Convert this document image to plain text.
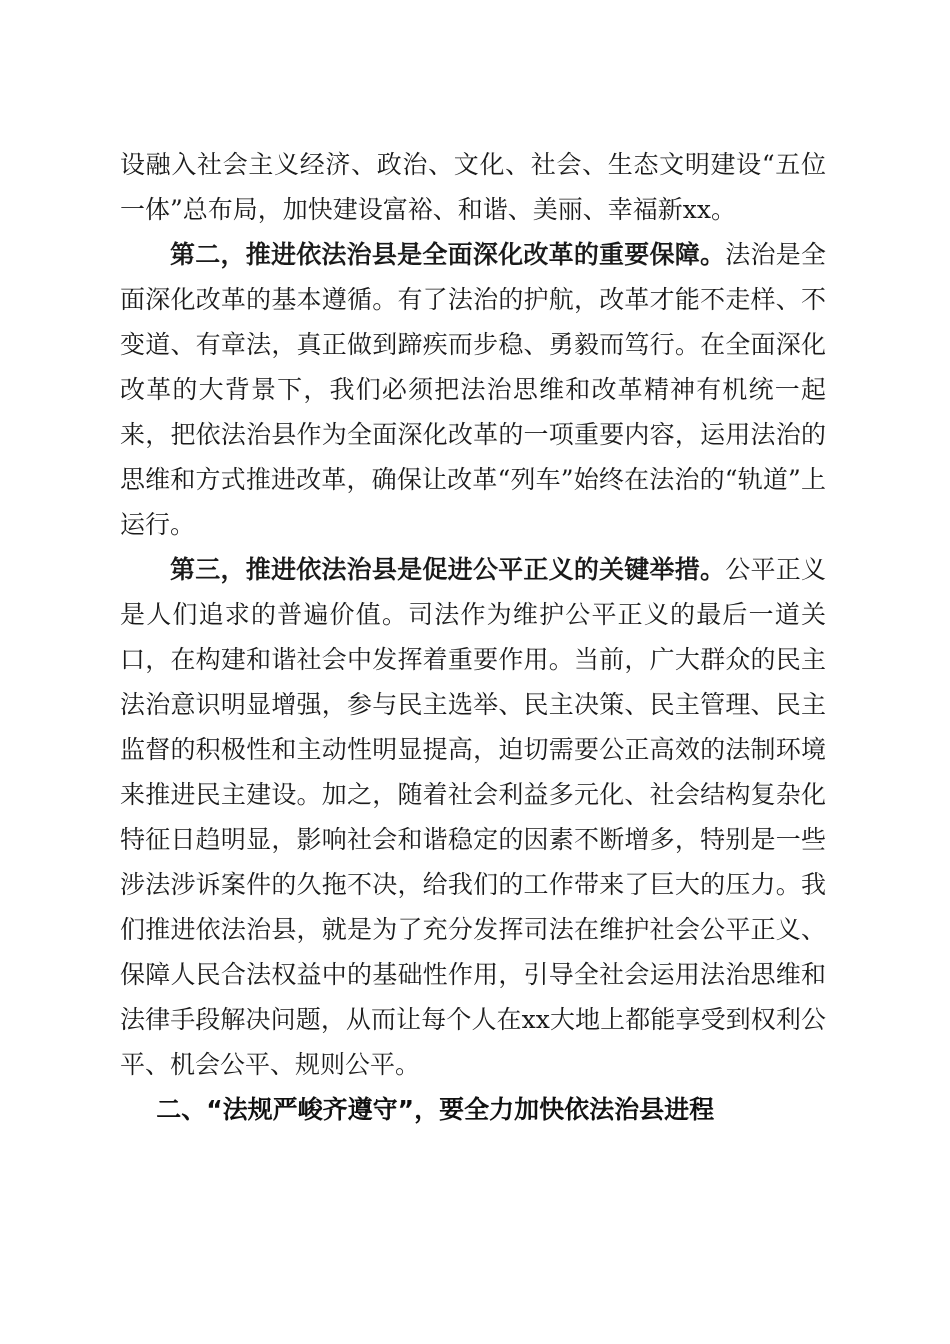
设融入社会主义经济、政治、文化、社会、生态文明建设“五位一体”总布局，加快建设富裕、和谐、美丽、幸福新xx。

第二，推进依法治县是全面深化改革的重要保障。法治是全面深化改革的基本遵循。有了法治的护航，改革才能不走样、不变道、有章法，真正做到蹄疾而步稳、勇毅而笃行。在全面深化改革的大背景下，我们必须把法治思维和改革精神有机统一起来，把依法治县作为全面深化改革的一项重要内容，运用法治的思维和方式推进改革，确保让改革“列车”始终在法治的“轨道”上运行。

第三，推进依法治县是促进公平正义的关键举措。公平正义是人们追求的普遍价值。司法作为维护公平正义的最后一道关口，在构建和谐社会中发挥着重要作用。当前，广大群众的民主法治意识明显增强，参与民主选举、民主决策、民主管理、民主监督的积极性和主动性明显提高，迫切需要公正高效的法制环境来推进民主建设。加之，随着社会利益多元化、社会结构复杂化特征日趋明显，影响社会和谐稳定的因素不断增多，特别是一些涉法涉诉案件的久拖不决，给我们的工作带来了巨大的压力。我们推进依法治县，就是为了充分发挥司法在维护社会公平正义、保障人民合法权益中的基础性作用，引导全社会运用法治思维和法律手段解决问题，从而让每个人在xx大地上都能享受到权利公平、机会公平、规则公平。

二、“法规严峻齐遵守”，要全力加快依法治县进程
